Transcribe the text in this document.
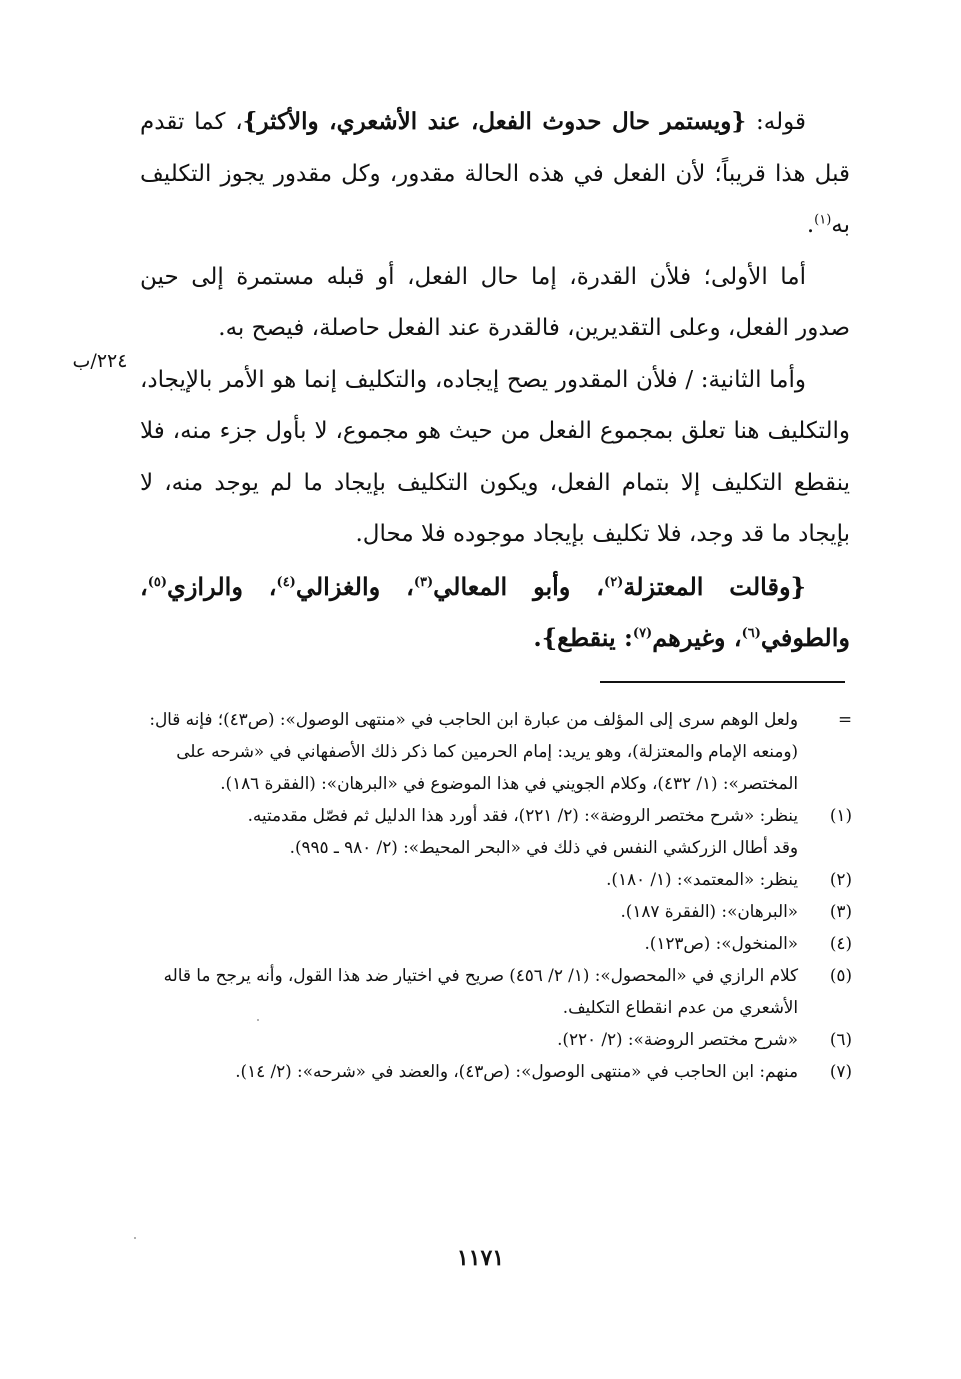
قوله: {ويستمر حال حدوث الفعل، عند الأشعري، والأكثر}، كما تقدم قبل هذا قريباً؛ لأن الفعل في هذه الحالة مقدور، وكل مقدور يجوز التكليف به$^{(١)}$.

أما الأولى؛ فلأن القدرة، إما حال الفعل، أو قبله مستمرة إلى حين صدور الفعل، وعلى التقديرين، فالقدرة عند الفعل حاصلة، فيصح به.

وأما الثانية: / فلأن المقدور يصح إيجاده، والتكليف إنما هو الأمر بالإيجاد، والتكليف هنا تعلق بمجموع الفعل من حيث هو مجموع، لا بأول جزء منه، فلا ينقطع التكليف إلا بتمام الفعل، ويكون التكليف بإيجاد ما لم يوجد منه، لا بإيجاد ما قد وجد، فلا تكليف بإيجاد موجوده فلا محال.

{وقالت المعتزلة$^{(٢)}$، وأبو المعالي$^{(٣)}$، والغزالي$^{(٤)}$، والرازي$^{(٥)}$، والطوفي$^{(٦)}$، وغيرهم$^{(٧)}$: ينقطع}.

٢٢٤/ب

=
ولعل الوهم سرى إلى المؤلف من عبارة ابن الحاجب في «منتهى الوصول»: (ص٤٣)؛ فإنه قال: (ومنعه الإمام والمعتزلة)، وهو يريد: إمام الحرمين كما ذكر ذلك الأصفهاني في «شرحه على المختصر»: (١/ ٤٣٢)، وكلام الجويني في هذا الموضوع في «البرهان»: (الفقرة ١٨٦).

(١)
ينظر: «شرح مختصر الروضة»: (٢/ ٢٢١)، فقد أورد هذا الدليل ثم فصّل مقدمتيه.
وقد أطال الزركشي النفس في ذلك في «البحر المحيط»: (٢/ ٩٨٠ ـ ٩٩٥).

(٢)
ينظر: «المعتمد»: (١/ ١٨٠).

(٣)
«البرهان»: (الفقرة ١٨٧).

(٤)
«المنخول»: (ص١٢٣).

(٥)
كلام الرازي في «المحصول»: (١/ ٢/ ٤٥٦) صريح في اختيار ضد هذا القول، وأنه يرجح ما قاله الأشعري من عدم انقطاع التكليف.

(٦)
«شرح مختصر الروضة»: (٢/ ٢٢٠).

(٧)
منهم: ابن الحاجب في «منتهى الوصول»: (ص٤٣)، والعضد في «شرحه»: (٢/ ١٤).

١١٧١
